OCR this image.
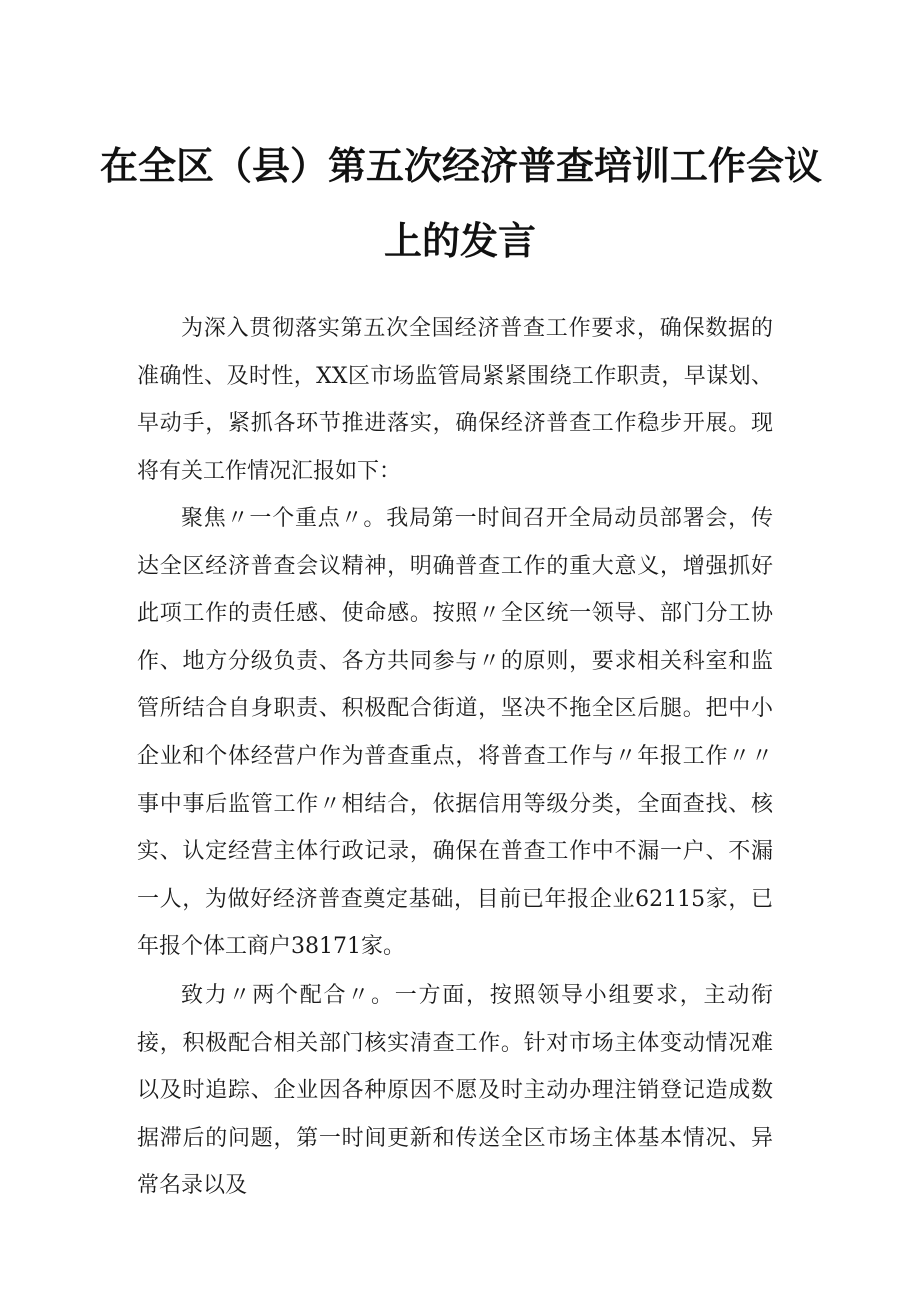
在全区（县）第五次经济普查培训工作会议
上的发言

为深入贯彻落实第五次全国经济普查工作要求，确保数据的准确性、及时性，XX区市场监管局紧紧围绕工作职责，早谋划、早动手，紧抓各环节推进落实，确保经济普查工作稳步开展。现将有关工作情况汇报如下：

聚焦〃一个重点〃。我局第一时间召开全局动员部署会，传达全区经济普查会议精神，明确普查工作的重大意义，增强抓好此项工作的责任感、使命感。按照〃全区统一领导、部门分工协作、地方分级负责、各方共同参与〃的原则，要求相关科室和监管所结合自身职责、积极配合街道，坚决不拖全区后腿。把中小企业和个体经营户作为普查重点，将普查工作与〃年报工作〃〃事中事后监管工作〃相结合，依据信用等级分类，全面查找、核实、认定经营主体行政记录，确保在普查工作中不漏一户、不漏一人，为做好经济普查奠定基础，目前已年报企业62115家，已年报个体工商户38171家。

致力〃两个配合〃。一方面，按照领导小组要求，主动衔接，积极配合相关部门核实清查工作。针对市场主体变动情况难以及时追踪、企业因各种原因不愿及时主动办理注销登记造成数据滞后的问题，第一时间更新和传送全区市场主体基本情况、异常名录以及
